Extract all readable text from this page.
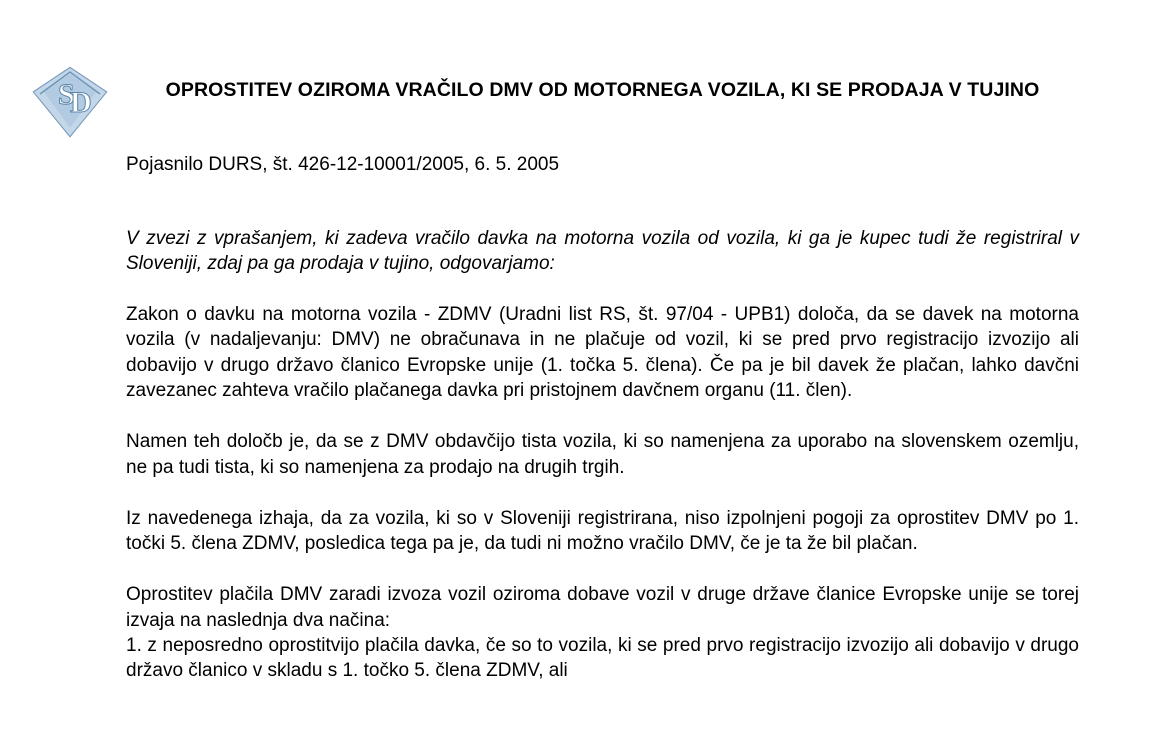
S
D	OPROSTITEV OZIROMA VRAČILO DMV OD MOTORNEGA VOZILA, KI SE PRODAJA V TUJINO

Pojasnilo DURS, št. 426-12-10001/2005, 6. 5. 2005

V zvezi z vprašanjem, ki zadeva vračilo davka na motorna vozila od vozila, ki ga je kupec tudi že registriral v Sloveniji, zdaj pa ga prodaja v tujino, odgovarjamo:

Zakon o davku na motorna vozila - ZDMV (Uradni list RS, št. 97/04 - UPB1) določa, da se davek na motorna vozila (v nadaljevanju: DMV) ne obračunava in ne plačuje od vozil, ki se pred prvo registracijo izvozijo ali dobavijo v drugo državo članico Evropske unije (1. točka 5. člena). Če pa je bil davek že plačan, lahko davčni zavezanec zahteva vračilo plačanega davka pri pristojnem davčnem organu (11. člen).

Namen teh določb je, da se z DMV obdavčijo tista vozila, ki so namenjena za uporabo na slovenskem ozemlju, ne pa tudi tista, ki so namenjena za prodajo na drugih trgih.

Iz navedenega izhaja, da za vozila, ki so v Sloveniji registrirana, niso izpolnjeni pogoji za oprostitev DMV po 1. točki 5. člena ZDMV, posledica tega pa je, da tudi ni možno vračilo DMV, če je ta že bil plačan.

Oprostitev plačila DMV zaradi izvoza vozil oziroma dobave vozil v druge države članice Evropske unije se torej izvaja na naslednja dva načina:

1. z neposredno oprostitvijo plačila davka, če so to vozila, ki se pred prvo registracijo izvozijo ali dobavijo v drugo državo članico v skladu s 1. točko 5. člena ZDMV, ali
